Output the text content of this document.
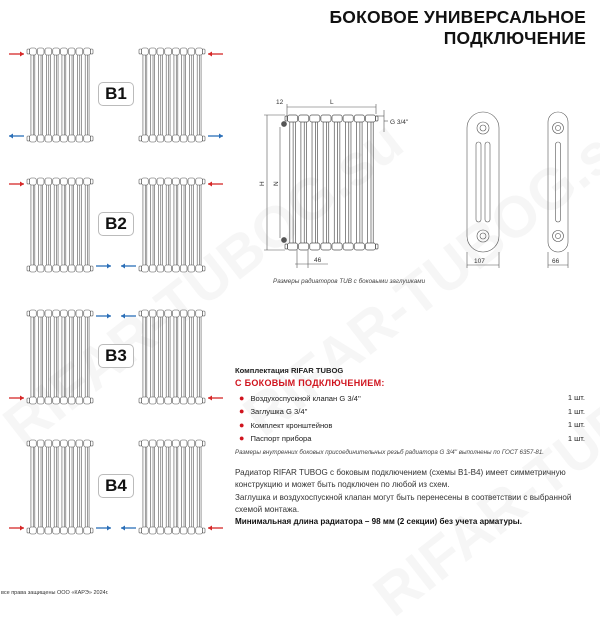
БОКОВОЕ УНИВЕРСАЛЬНОЕ
ПОДКЛЮЧЕНИЕ
B1
B2
B3
B4
12	L
H N
46
G 3/4''
107	66
Размеры радиаторов TUB с боковыми заглушками
Комплектация RIFAR TUBOG
С БОКОВЫМ ПОДКЛЮЧЕНИЕМ:
● Воздухоспускной клапан G 3/4''	1 шт.
● Заглушка G 3/4''	1 шт.
● Комплект кронштейнов	1 шт.
● Паспорт прибора	1 шт.
Размеры внутренних боковых присоединительных резьб радиатора G 3/4'' выполнены по ГОСТ 6357-81.
Радиатор RIFAR TUBOG с боковым подключением (схемы B1-B4) имеет симметричную конструкцию и может быть подключен по любой из схем.
Заглушка и воздухоспускной клапан могут быть перенесены в соответствии с выбранной схемой монтажа.
Минимальная длина радиатора – 98 мм (2 секции) без учета арматуры.
все права защищены ООО «КАРЭ» 2024г.
